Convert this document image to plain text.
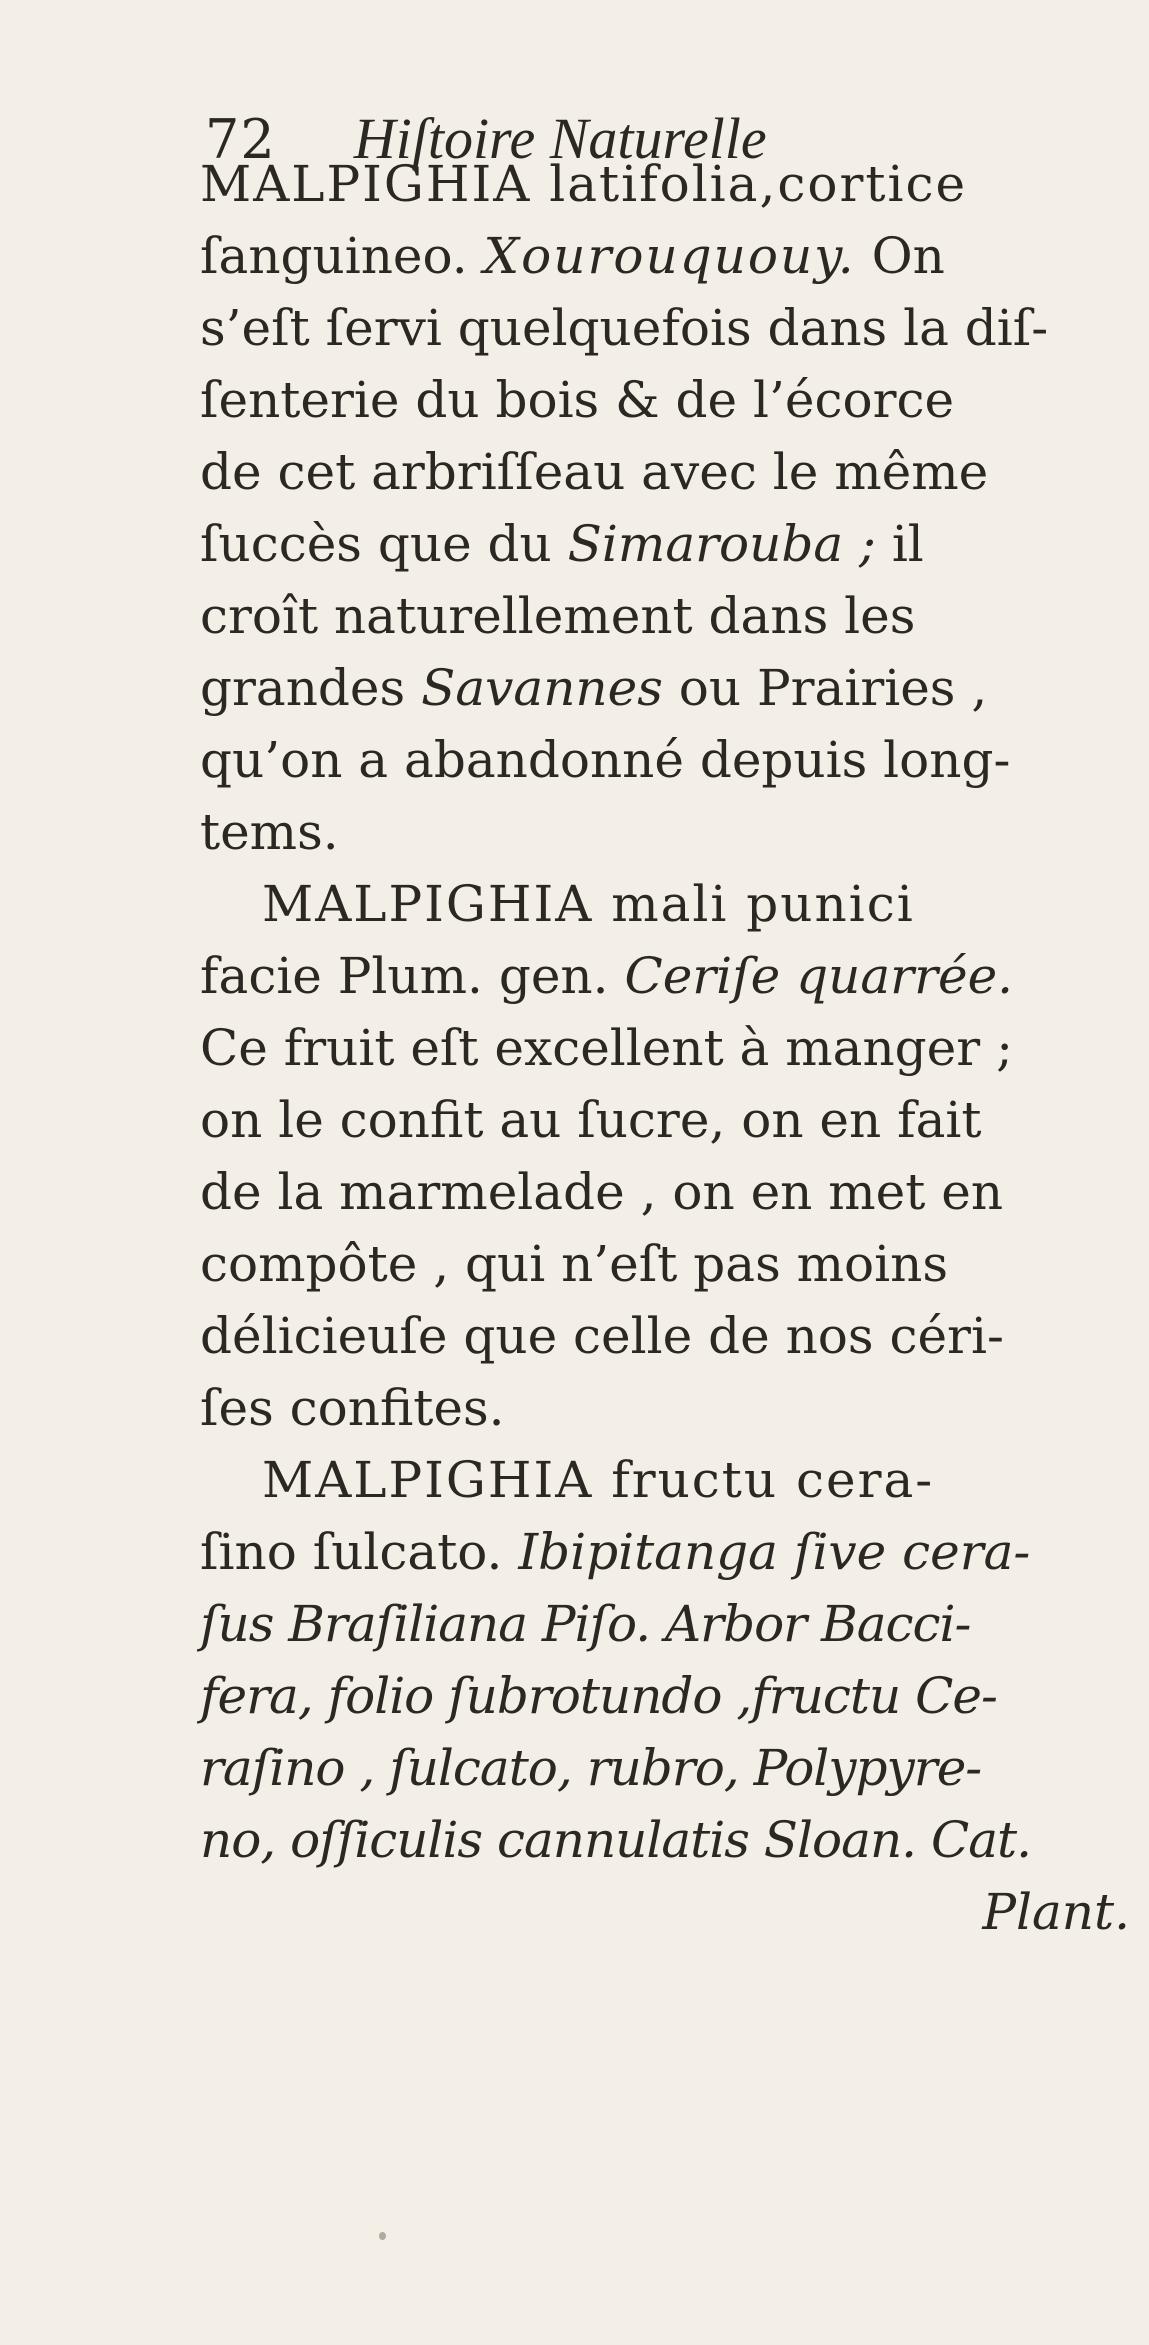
72 Hiſtoire Naturelle
MALPIGHIA latifolia,cortice
ſanguineo. Xourouquouy. On
s’eſt ſervi quelquefois dans la diſ-
ſenterie du bois & de l’écorce
de cet arbriſſeau avec le même
ſuccès que du Simarouba ; il
croît naturellement dans les
grandes Savannes ou Prairies ,
qu’on a abandonné depuis long-
tems.
MALPIGHIA mali punici
facie Plum. gen. Ceriſe quarrée.
Ce fruit eſt excellent à manger ;
on le confit au ſucre, on en fait
de la marmelade , on en met en
compôte , qui n’eſt pas moins
délicieuſe que celle de nos céri-
ſes confites.
MALPIGHIA fructu cera-
ſino ſulcato. Ibipitanga ſive cera-
ſus Braſiliana Piſo. Arbor Bacci-
fera, folio ſubrotundo ,fructu Ce-
raſino , ſulcato, rubro, Polypyre-
no, oſſiculis cannulatis Sloan. Cat.
Plant.
